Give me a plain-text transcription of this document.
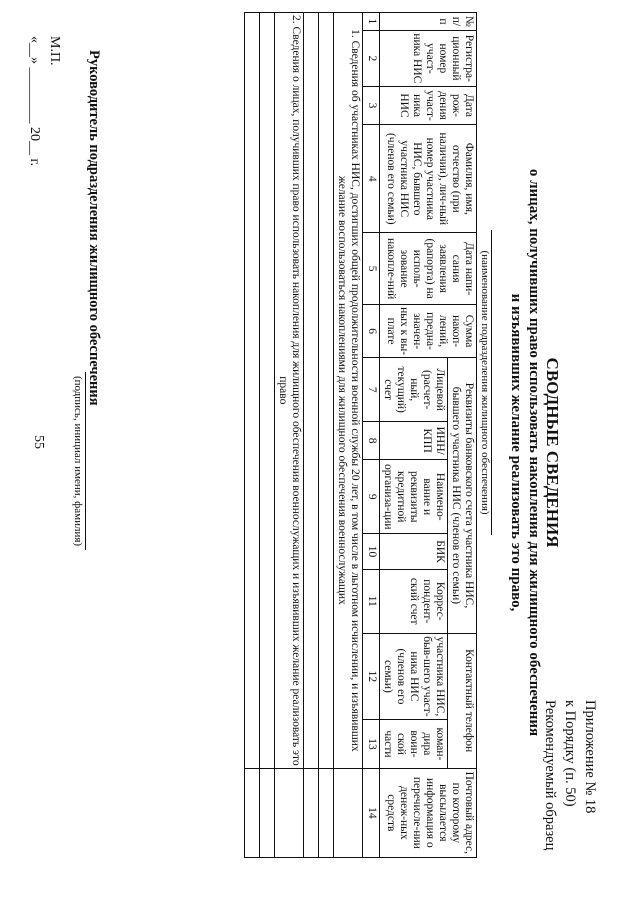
55
Приложение № 18
к Порядку (п. 50)
Рекомендуемый образец
СВОДНЫЕ СВЕДЕНИЯ
о лицах, получивших право использовать накопления для жилищного обеспечения
и изъявивших желание реализовать это право,
(наименование подразделения жилищного обеспечения)
№ п/п	Регистра-ционный номер участ-ника НИС	Дата рож-дения участ-ника НИС	Фамилия, имя, отчество (при наличии), лич-ный номер участника НИС, бывшего участника НИС (членов его семьи)	Дата напи-сания заявления (рапорта) на исполь-зование накопле-ний	Сумма накоп-лений, предна-значен-ных к вы-плате	Реквизиты банковского счета участника НИС, бывшего участника НИС (членов его семьи)					Контактный телефон		Почтовый адрес, по которому высылается информация о перечисле-нии денеж-ных средств
						Лицевой (расчет-ный, текущий) счет	ИНН/ КПП	Наимено-вание и реквизиты кредитной организа-ции	БИК	Коррес-пондент-ский счет	участника НИС, быв-шего участ-ника НИС (членов его семьи)	коман-дира воин-ской части	
1	2	3	4	5	6	7	8	9	10	11	12	13	14
1. Сведения об участниках НИС, достигших общей продолжительности военной службы 20 лет, в том числе в льготном исчислении, и изъявивших желание воспользоваться накоплениями для жилищного обеспечения военнослужащих													

2. Сведения о лицах, получивших право использовать накопления для жилищного обеспечения военнослужащих и изъявивших желание реализовать это право													

Руководитель подразделения жилищного обеспечения
(подпись, инициал имени, фамилия)
М.П.
«__» ________ 20__ г.
